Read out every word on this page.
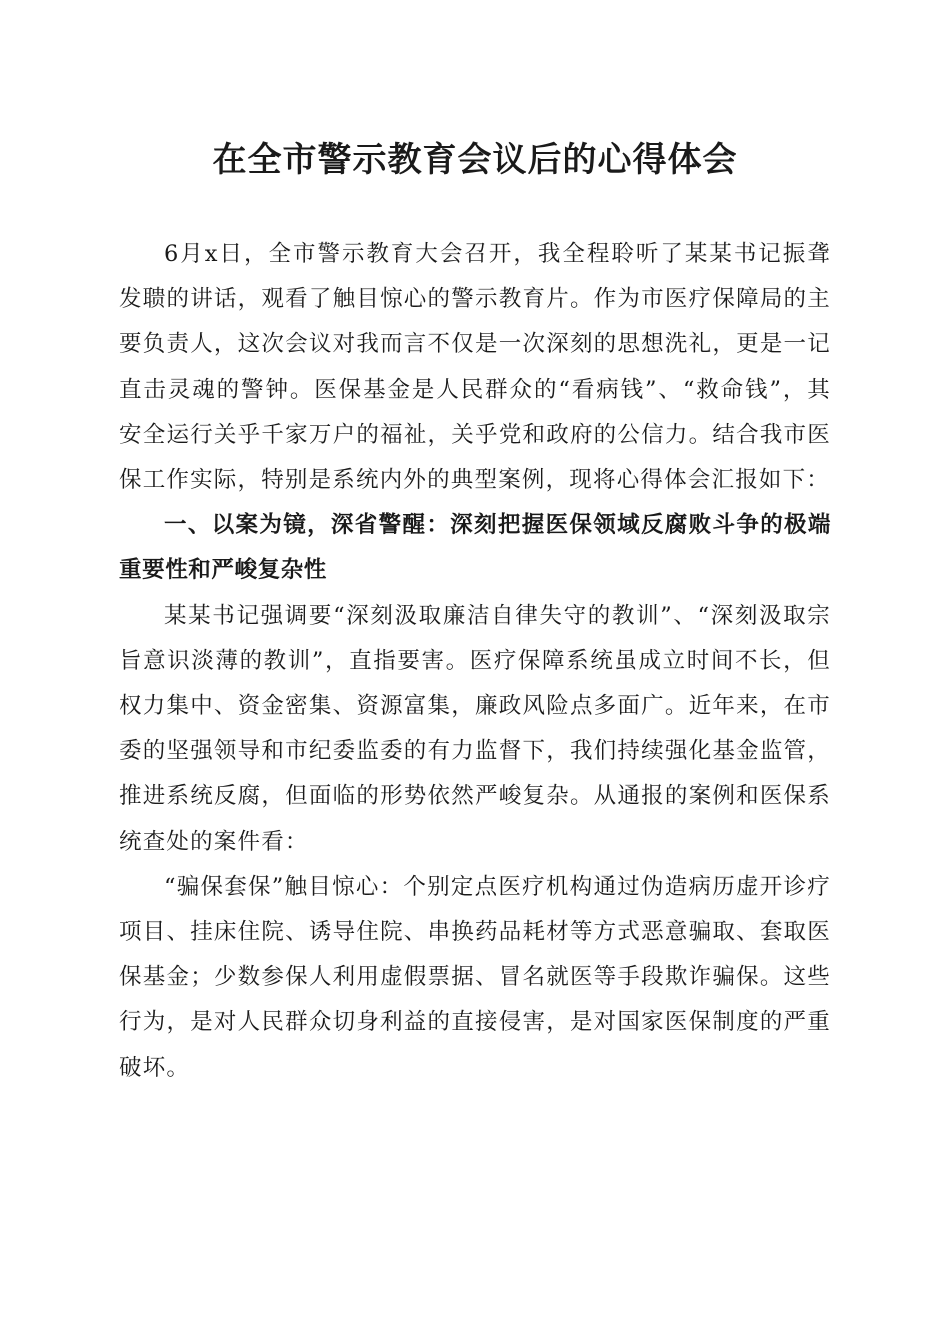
在全市警示教育会议后的心得体会

6月x日，全市警示教育大会召开，我全程聆听了某某书记振聋发聩的讲话，观看了触目惊心的警示教育片。作为市医疗保障局的主要负责人，这次会议对我而言不仅是一次深刻的思想洗礼，更是一记直击灵魂的警钟。医保基金是人民群众的“看病钱”、“救命钱”，其安全运行关乎千家万户的福祉，关乎党和政府的公信力。结合我市医保工作实际，特别是系统内外的典型案例，现将心得体会汇报如下：

一、以案为镜，深省警醒：深刻把握医保领域反腐败斗争的极端重要性和严峻复杂性

某某书记强调要“深刻汲取廉洁自律失守的教训”、“深刻汲取宗旨意识淡薄的教训”，直指要害。医疗保障系统虽成立时间不长，但权力集中、资金密集、资源富集，廉政风险点多面广。近年来，在市委的坚强领导和市纪委监委的有力监督下，我们持续强化基金监管，推进系统反腐，但面临的形势依然严峻复杂。从通报的案例和医保系统查处的案件看：

“骗保套保”触目惊心：个别定点医疗机构通过伪造病历虚开诊疗项目、挂床住院、诱导住院、串换药品耗材等方式恶意骗取、套取医保基金；少数参保人利用虚假票据、冒名就医等手段欺诈骗保。这些行为，是对人民群众切身利益的直接侵害，是对国家医保制度的严重破坏。
